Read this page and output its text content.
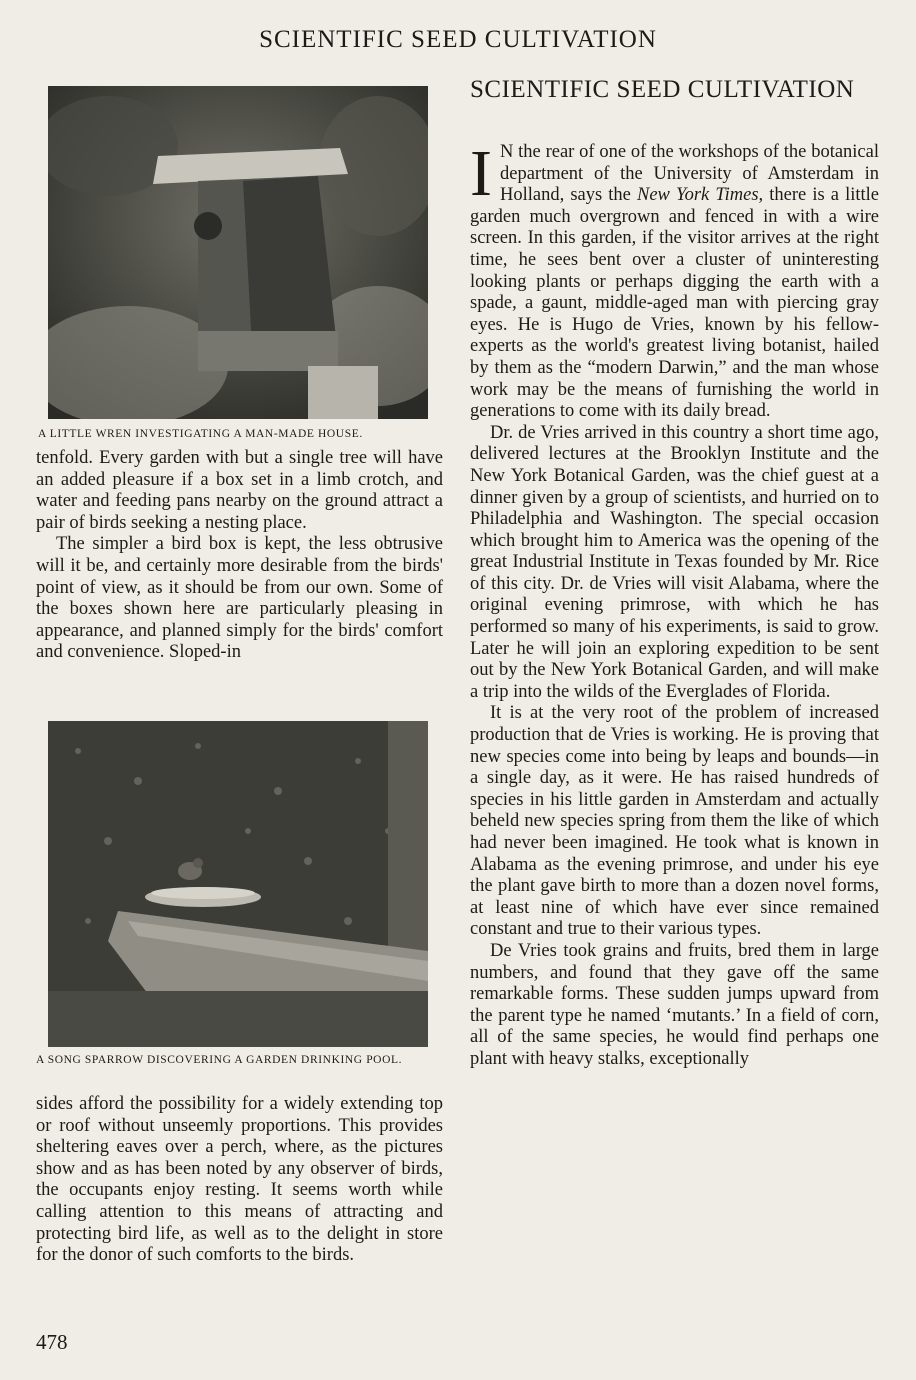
SCIENTIFIC SEED CULTIVATION
A LITTLE WREN INVESTIGATING A MAN-MADE HOUSE.

tenfold. Every garden with but a single tree will have an added pleasure if a box set in a limb crotch, and water and feeding pans nearby on the ground attract a pair of birds seeking a nesting place.

The simpler a bird box is kept, the less obtrusive will it be, and certainly more desirable from the birds' point of view, as it should be from our own. Some of the boxes shown here are particularly pleasing in appearance, and planned simply for the birds' comfort and convenience. Sloped-in

A SONG SPARROW DISCOVERING A GARDEN DRINKING POOL.

sides afford the possibility for a widely extending top or roof without unseemly proportions. This provides sheltering eaves over a perch, where, as the pictures show and as has been noted by any observer of birds, the occupants enjoy resting. It seems worth while calling attention to this means of attracting and protecting bird life, as well as to the delight in store for the donor of such comforts to the birds.

SCIENTIFIC SEED CULTIVATION

I N the rear of one of the workshops of the botanical department of the University of Amsterdam in Holland, says the New York Times, there is a little garden much overgrown and fenced in with a wire screen. In this garden, if the visitor arrives at the right time, he sees bent over a cluster of uninteresting looking plants or perhaps digging the earth with a spade, a gaunt, middle-aged man with piercing gray eyes. He is Hugo de Vries, known by his fellow-experts as the world's greatest living botanist, hailed by them as the “modern Darwin,” and the man whose work may be the means of furnishing the world in generations to come with its daily bread.

Dr. de Vries arrived in this country a short time ago, delivered lectures at the Brooklyn Institute and the New York Botanical Garden, was the chief guest at a dinner given by a group of scientists, and hurried on to Philadelphia and Washington. The special occasion which brought him to America was the opening of the great Industrial Institute in Texas founded by Mr. Rice of this city. Dr. de Vries will visit Alabama, where the original evening primrose, with which he has performed so many of his experiments, is said to grow. Later he will join an exploring expedition to be sent out by the New York Botanical Garden, and will make a trip into the wilds of the Everglades of Florida.

It is at the very root of the problem of increased production that de Vries is working. He is proving that new species come into being by leaps and bounds—in a single day, as it were. He has raised hundreds of species in his little garden in Amsterdam and actually beheld new species spring from them the like of which had never been imagined. He took what is known in Alabama as the evening primrose, and under his eye the plant gave birth to more than a dozen novel forms, at least nine of which have ever since remained constant and true to their various types.

De Vries took grains and fruits, bred them in large numbers, and found that they gave off the same remarkable forms. These sudden jumps upward from the parent type he named ‘mutants.’ In a field of corn, all of the same species, he would find perhaps one plant with heavy stalks, exceptionally

478
